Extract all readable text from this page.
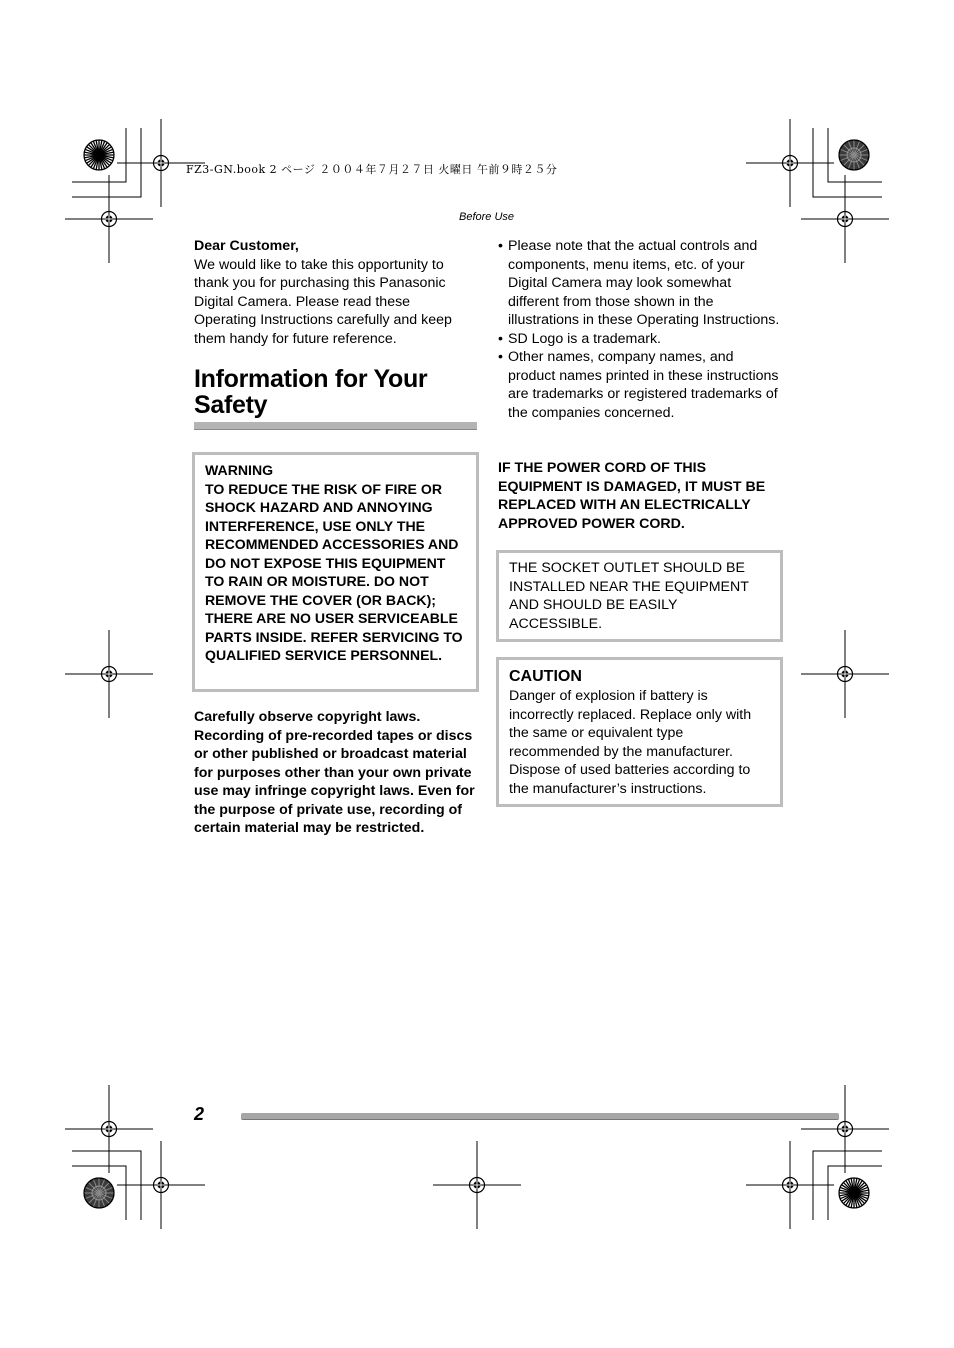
FZ3-GN.book 2 ページ ２００４年７月２７日 火曜日 午前９時２５分
Before Use

Dear Customer,

We would like to take this opportunity to thank you for purchasing this Panasonic Digital Camera. Please read these Operating Instructions carefully and keep them handy for future reference.

Information for Your
Safety

WARNING

TO REDUCE THE RISK OF FIRE OR SHOCK HAZARD AND ANNOYING INTERFERENCE, USE ONLY THE RECOMMENDED ACCESSORIES AND DO NOT EXPOSE THIS EQUIPMENT TO RAIN OR MOISTURE. DO NOT REMOVE THE COVER (OR BACK); THERE ARE NO USER SERVICEABLE PARTS INSIDE. REFER SERVICING TO QUALIFIED SERVICE PERSONNEL.

Carefully observe copyright laws. Recording of pre-recorded tapes or discs or other published or broadcast material for purposes other than your own private use may infringe copyright laws. Even for the purpose of private use, recording of certain material may be restricted.

• Please note that the actual controls and components, menu items, etc. of your Digital Camera may look somewhat different from those shown in the illustrations in these Operating Instructions.
• SD Logo is a trademark.
• Other names, company names, and product names printed in these instructions are trademarks or registered trademarks of the companies concerned.

IF THE POWER CORD OF THIS EQUIPMENT IS DAMAGED, IT MUST BE REPLACED WITH AN ELECTRICALLY APPROVED POWER CORD.

THE SOCKET OUTLET SHOULD BE INSTALLED NEAR THE EQUIPMENT AND SHOULD BE EASILY ACCESSIBLE.

CAUTION

Danger of explosion if battery is incorrectly replaced. Replace only with the same or equivalent type recommended by the manufacturer. Dispose of used batteries according to the manufacturer’s instructions.

2
